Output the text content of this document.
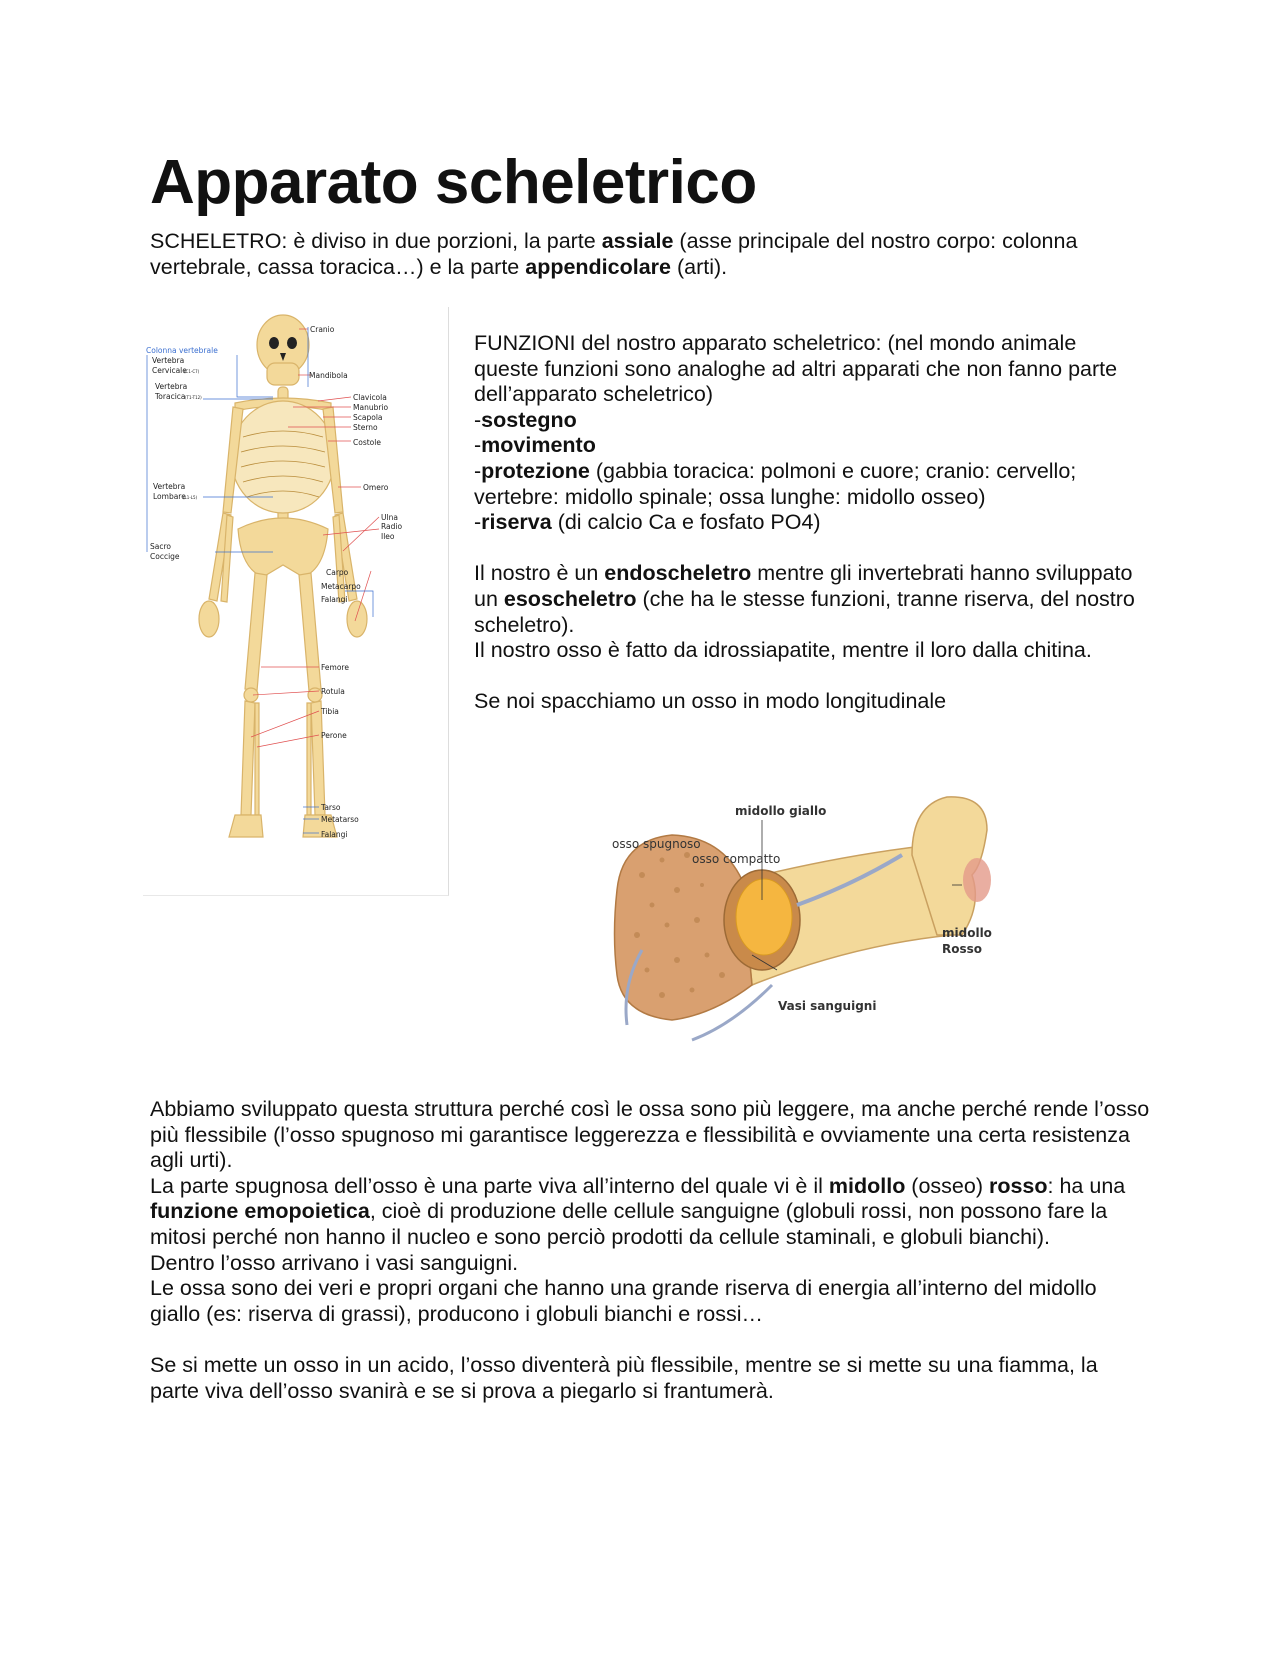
Apparato scheletrico

SCHELETRO: è diviso in due porzioni, la parte assiale (asse principale del nostro corpo: colonna vertebrale, cassa toracica…) e la parte appendicolare (arti).

Colonna vertebrale
Vertebra
Cervicale
(C1-C7)
Vertebra
Toracica (T1-T12)
Vertebra
Lombare
(L1-L5)
Sacro
Coccige
Cranio
Mandibola
Clavicola
Manubrio
Scapola
Sterno
Costole
Omero
Ulna
Radio
Ileo
Carpo
Metacarpo
Falangi
Femore
Rotula
Tibia
Perone
Tarso
Metatarso
Falangi

FUNZIONI del nostro apparato scheletrico: (nel mondo animale queste funzioni sono analoghe ad altri apparati che non fanno parte dell’apparato scheletrico)

-sostegno

-movimento

-protezione (gabbia toracica: polmoni e cuore; cranio: cervello; vertebre: midollo spinale; ossa lunghe: midollo osseo)

-riserva (di calcio Ca e fosfato PO4)

Il nostro è un endoscheletro mentre gli invertebrati hanno sviluppato un esoscheletro (che ha le stesse funzioni, tranne riserva, del nostro scheletro).

Il nostro osso è fatto da idrossiapatite, mentre il loro dalla chitina.

Se noi spacchiamo un osso in modo longitudinale

midollo giallo
osso spugnoso
osso compatto
midollo
Rosso
Vasi sanguigni

Abbiamo sviluppato questa struttura perché così le ossa sono più leggere, ma anche perché rende l’osso più flessibile (l’osso spugnoso mi garantisce leggerezza e flessibilità e ovviamente una certa resistenza agli urti).

La parte spugnosa dell’osso è una parte viva all’interno del quale vi è il midollo (osseo) rosso: ha una funzione emopoietica, cioè di produzione delle cellule sanguigne (globuli rossi, non possono fare la mitosi perché non hanno il nucleo e sono perciò prodotti da cellule staminali, e globuli bianchi).

Dentro l’osso arrivano i vasi sanguigni.

Le ossa sono dei veri e propri organi che hanno una grande riserva di energia all’interno del midollo giallo (es: riserva di grassi), producono i globuli bianchi e rossi…

Se si mette un osso in un acido, l’osso diventerà più flessibile, mentre se si mette su una fiamma, la parte viva dell’osso svanirà e se si prova a piegarlo si frantumerà.
